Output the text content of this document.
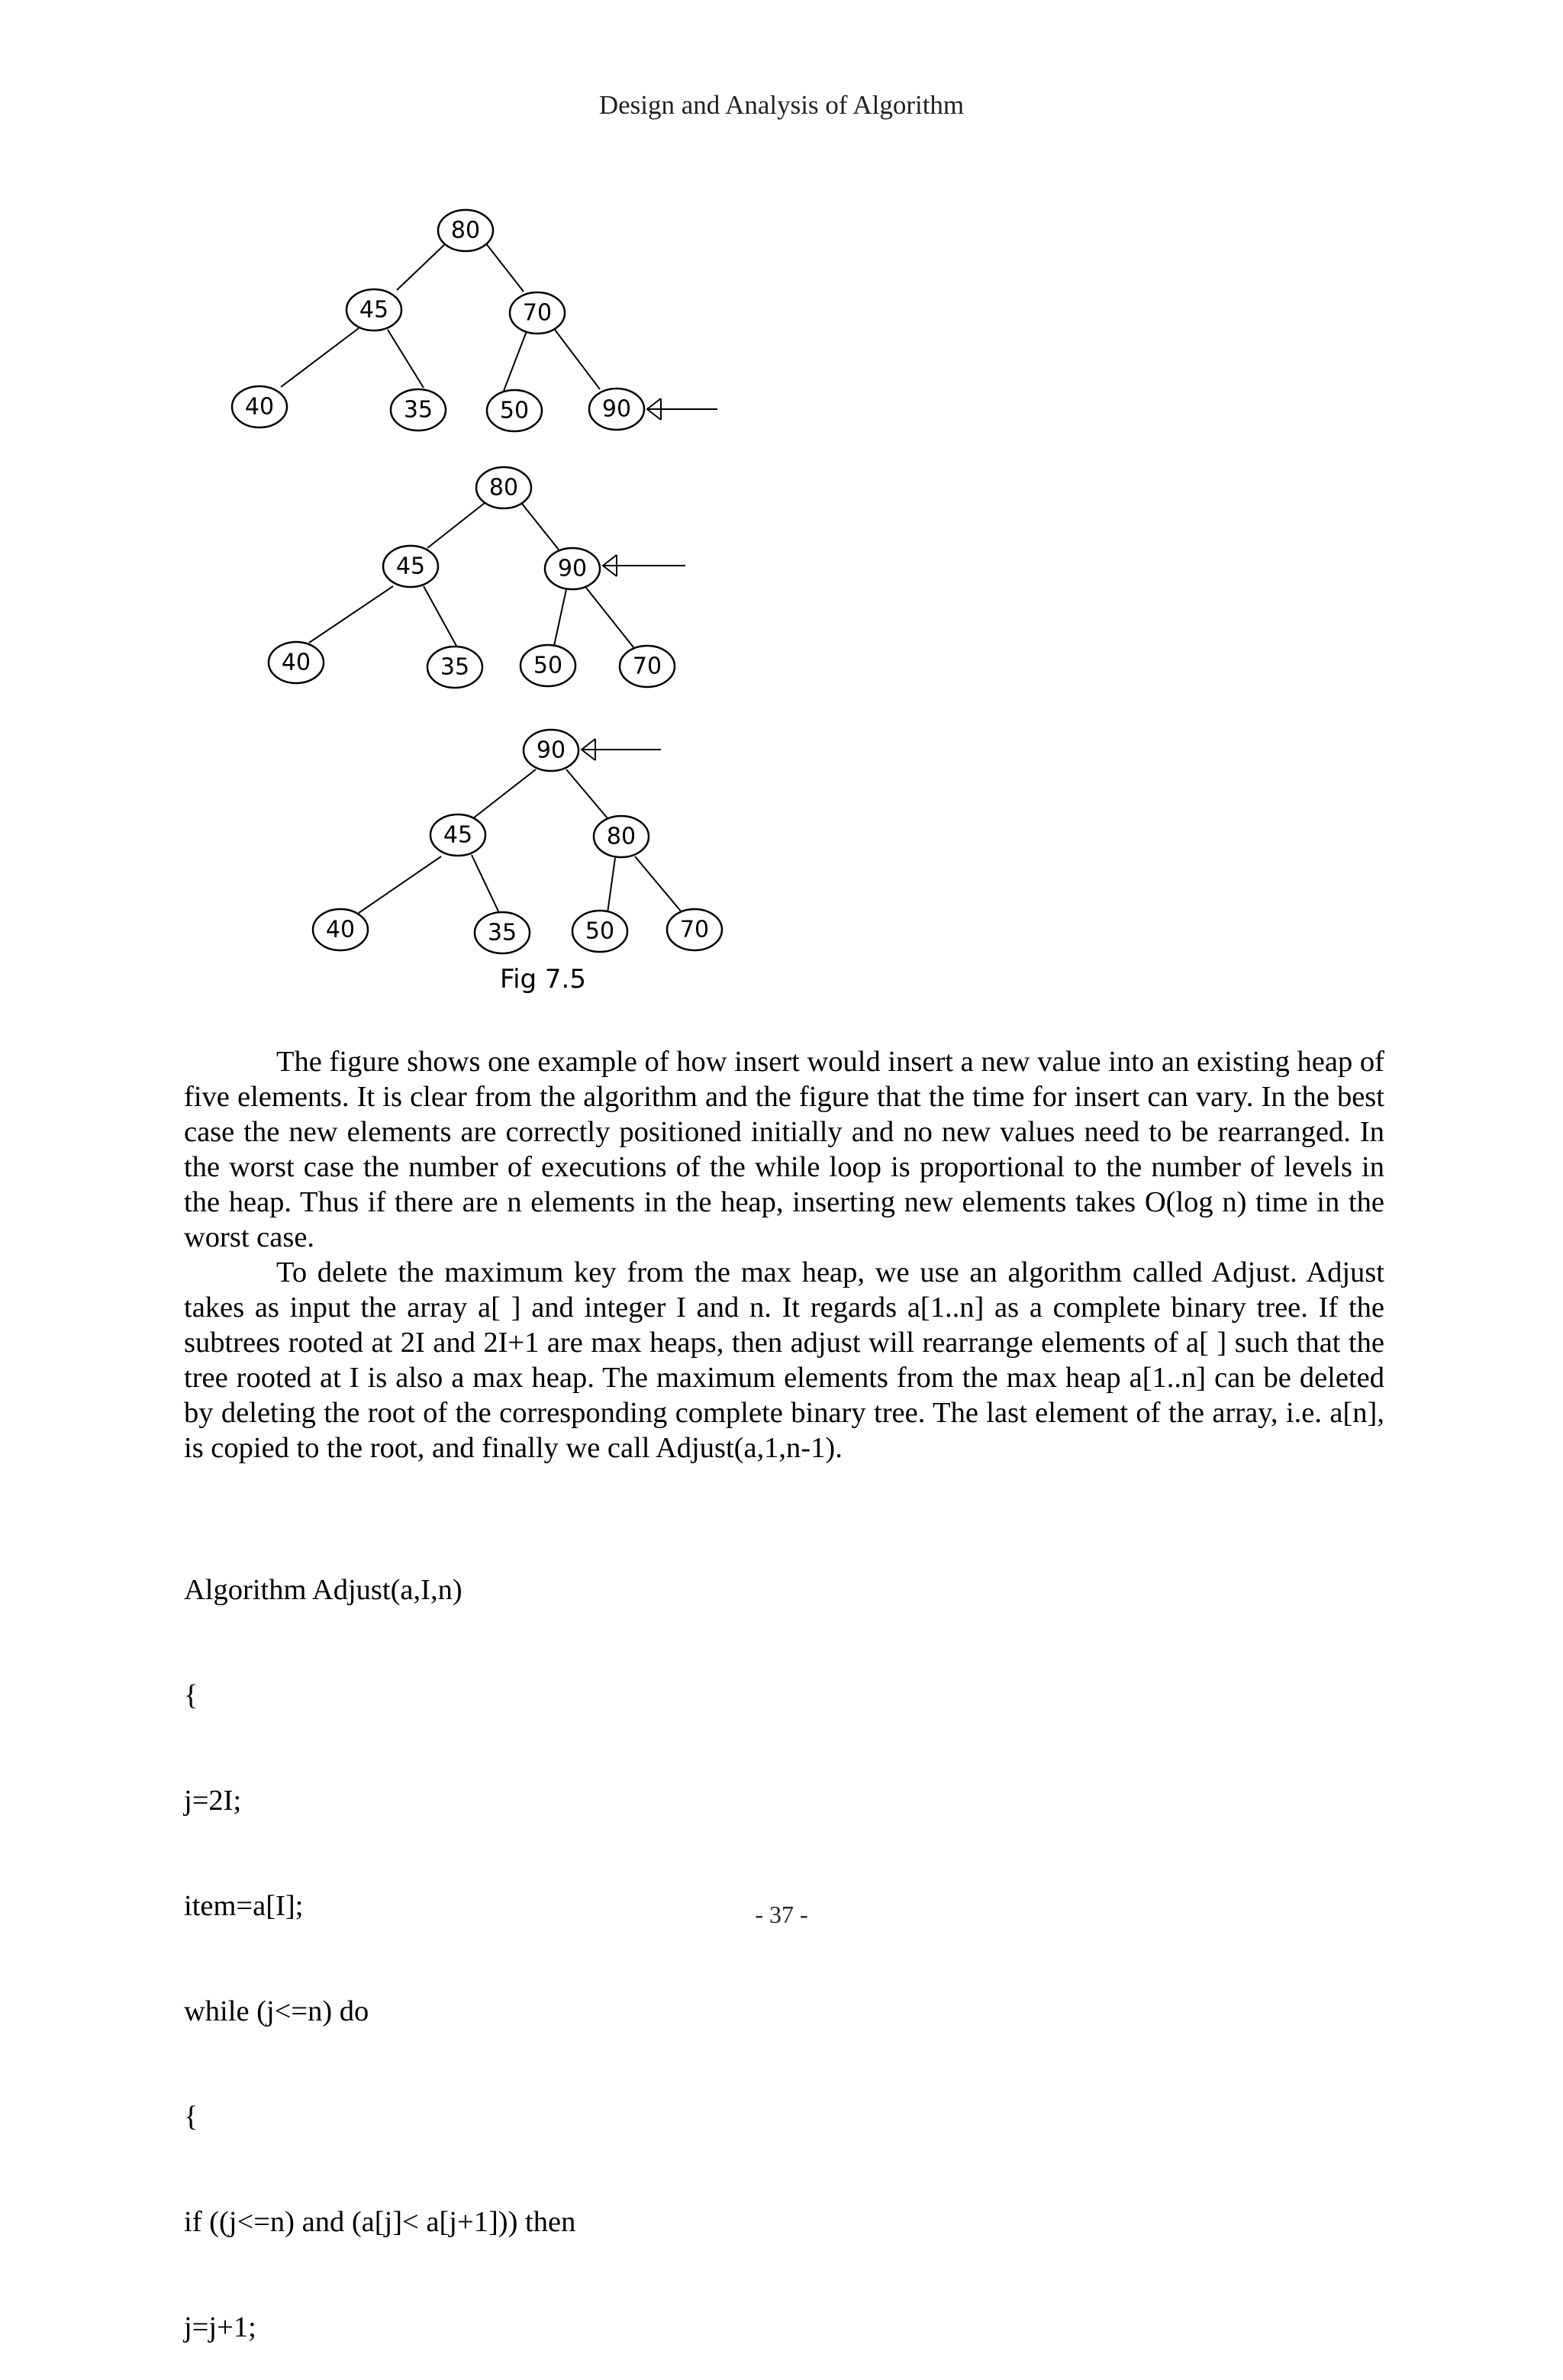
Design and Analysis of Algorithm
80
45	70
40	35	50	90
80
45	90
40	35	50	70
90
45	80
40	35	50	70
Fig 7.5

The figure shows one example of how insert would insert a new value into an existing heap of five elements. It is clear from the algorithm and the figure that the time for insert can vary. In the best case the new elements are correctly positioned initially and no new values need to be rearranged. In the worst case the number of executions of the while loop is proportional to the number of levels in the heap. Thus if there are n elements in the heap, inserting new elements takes O(log n) time in the worst case.

To delete the maximum key from the max heap, we use an algorithm called Adjust. Adjust takes as input the array a[ ] and integer I and n. It regards a[1..n] as a complete binary tree. If the subtrees rooted at 2I and 2I+1 are max heaps, then adjust will rearrange elements of a[ ] such that the tree rooted at I is also a max heap. The maximum elements from the max heap a[1..n] can be deleted by deleting the root of the corresponding complete binary tree. The last element of the array, i.e. a[n], is copied to the root, and finally we call Adjust(a,1,n-1).

Algorithm Adjust(a,I,n)

{

j=2I;

item=a[I];

while (j<=n) do

{

if ((j<=n) and (a[j]< a[j+1])) then

j=j+1;

- 37 -
